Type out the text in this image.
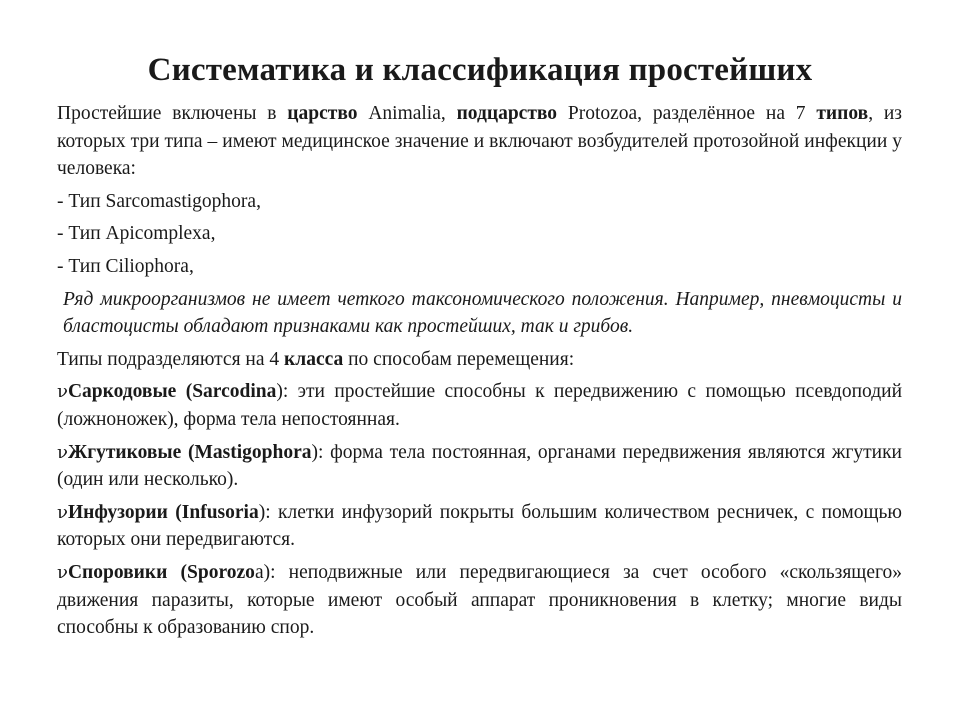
Систематика и классификация простейших

Простейшие включены в царство Animalia, подцарство Protozoa, разделённое на 7 типов, из которых три типа – имеют медицинское значение и включают возбудителей протозойной инфекции у человека:

- Тип Sarcomastigophora,

- Тип Apicomplexa,

- Тип Ciliophora,

Ряд микроорганизмов не имеет четкого таксономического положения. Например, пневмоцисты и бластоцисты обладают признаками как простейших, так и грибов.

Типы подразделяются на 4 класса по способам перемещения:

νСаркодовые (Sarcodina): эти простейшие способны к передвижению с помощью псевдоподий (ложноножек), форма тела непостоянная.

νЖгутиковые (Mastigophora): форма тела постоянная, органами передвижения являются жгутики (один или несколько).

νИнфузории (Infusoria): клетки инфузорий покрыты большим количеством ресничек, с помощью которых они передвигаются.

νСпоровики (Sporozoa): неподвижные или передвигающиеся за счет особого «скользящего» движения паразиты, которые имеют особый аппарат проникновения в клетку; многие виды способны к образованию спор.
